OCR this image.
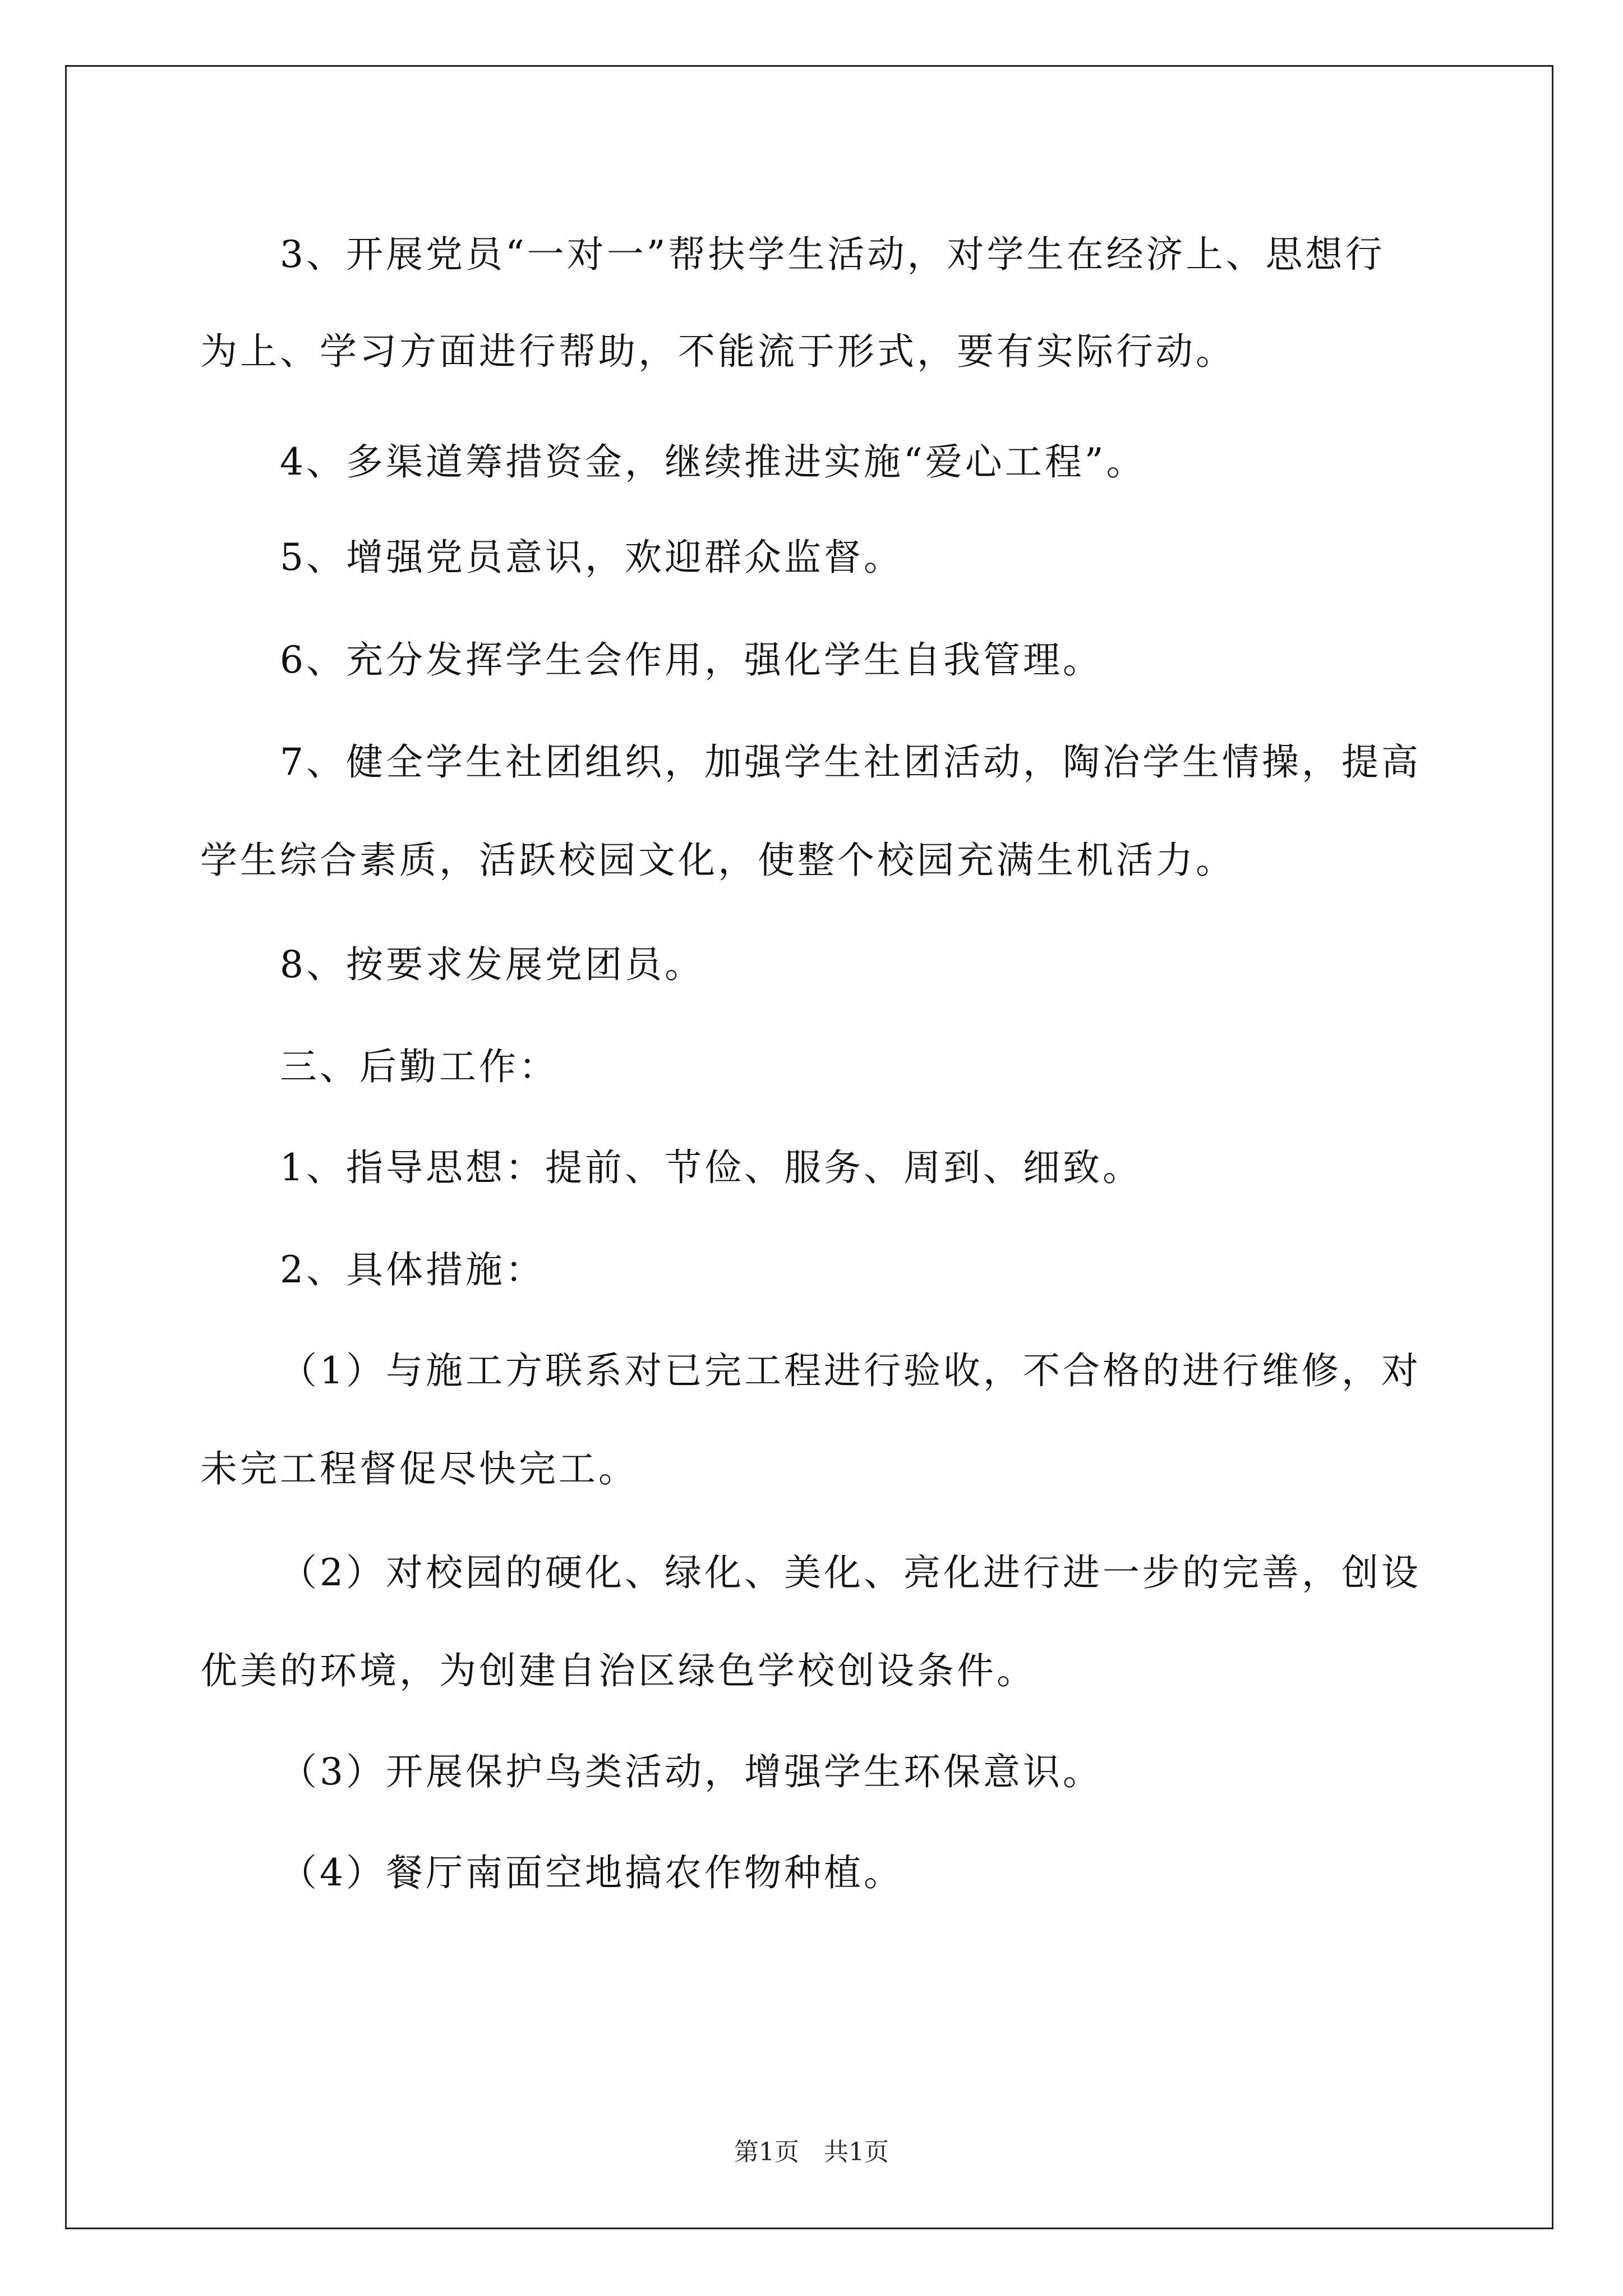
3、开展党员“一对一”帮扶学生活动，对学生在经济上、思想行
为上、学习方面进行帮助，不能流于形式，要有实际行动。
4、多渠道筹措资金，继续推进实施“爱心工程”。
5、增强党员意识，欢迎群众监督。
6、充分发挥学生会作用，强化学生自我管理。
7、健全学生社团组织，加强学生社团活动，陶冶学生情操，提高
学生综合素质，活跃校园文化，使整个校园充满生机活力。
8、按要求发展党团员。
三、后勤工作：
1、指导思想：提前、节俭、服务、周到、细致。
2、具体措施：
（1）与施工方联系对已完工程进行验收，不合格的进行维修，对
未完工程督促尽快完工。
（2）对校园的硬化、绿化、美化、亮化进行进一步的完善，创设
优美的环境，为创建自治区绿色学校创设条件。
（3）开展保护鸟类活动，增强学生环保意识。
（4）餐厅南面空地搞农作物种植。
第1页　共1页
